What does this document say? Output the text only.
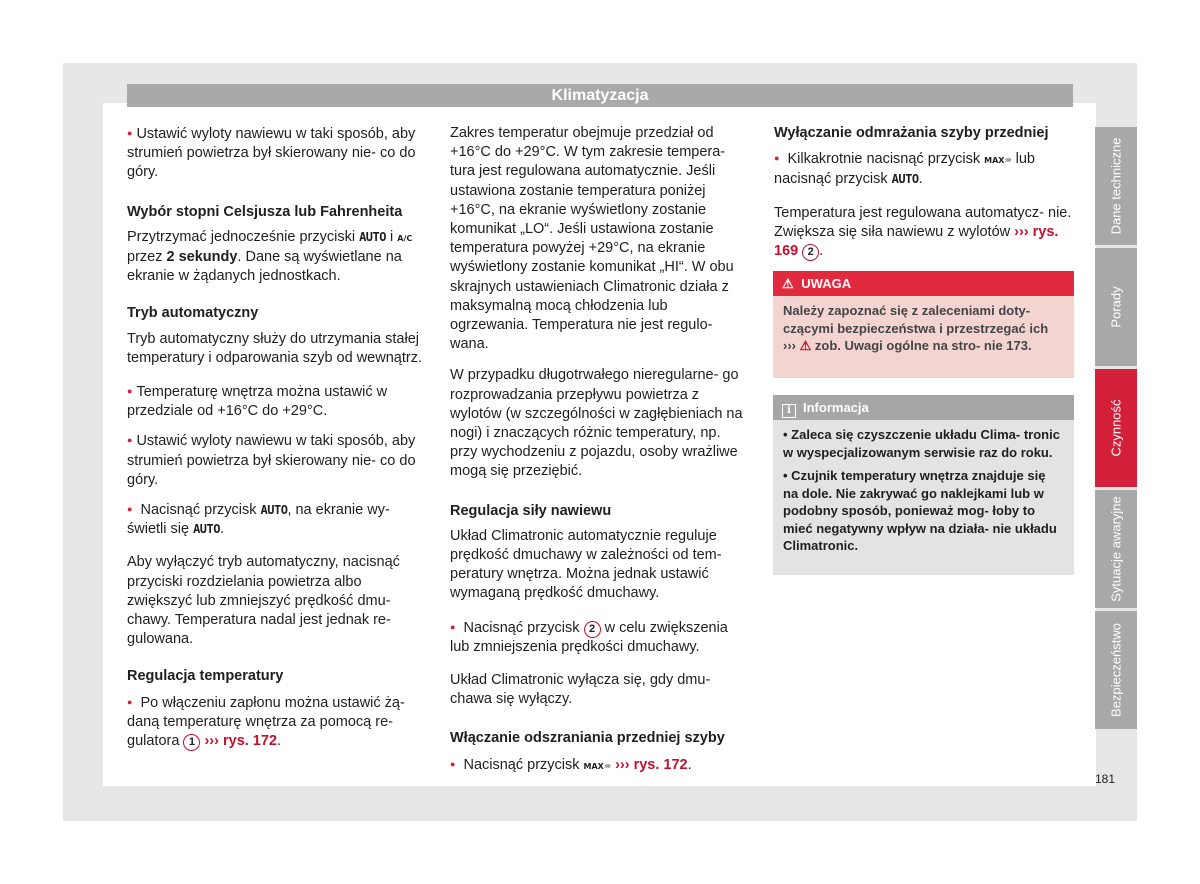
Klimatyzacja

● Ustawić wyloty nawiewu w taki sposób, aby strumień powietrza był skierowany nie- co do góry.

Wybór stopni Celsjusza lub Fahrenheita

Przytrzymać jednocześnie przyciski AUTO i A/C przez 2 sekundy. Dane są wyświetlane na ekranie w żądanych jednostkach.

Tryb automatyczny

Tryb automatyczny służy do utrzymania stałej temperatury i odparowania szyb od wewnątrz.

● Temperaturę wnętrza można ustawić w przedziale od +16°C do +29°C.

● Ustawić wyloty nawiewu w taki sposób, aby strumień powietrza był skierowany nie- co do góry.

● Nacisnąć przycisk AUTO, na ekranie wy- świetli się AUTO.

Aby wyłączyć tryb automatyczny, nacisnąć przyciski rozdzielania powietrza albo zwiększyć lub zmniejszyć prędkość dmu- chawy. Temperatura nadal jest jednak re- gulowana.

Regulacja temperatury

● Po włączeniu zapłonu można ustawić żą- daną temperaturę wnętrza za pomocą re- gulatora 1 ››› rys. 172.

Zakres temperatur obejmuje przedział od +16°C do +29°C. W tym zakresie tempera- tura jest regulowana automatycznie. Jeśli ustawiona zostanie temperatura poniżej +16°C, na ekranie wyświetlony zostanie komunikat „LO“. Jeśli ustawiona zostanie temperatura powyżej +29°C, na ekranie wyświetlony zostanie komunikat „HI“. W obu skrajnych ustawieniach Climatronic działa z maksymalną mocą chłodzenia lub ogrzewania. Temperatura nie jest regulo- wana.

W przypadku długotrwałego nieregularne- go rozprowadzania przepływu powietrza z wylotów (w szczególności w zagłębieniach na nogi) i znaczących różnic temperatury, np. przy wychodzeniu z pojazdu, osoby wrażliwe mogą się przeziębić.

Regulacja siły nawiewu

Układ Climatronic automatycznie reguluje prędkość dmuchawy w zależności od tem- peratury wnętrza. Można jednak ustawić wymaganą prędkość dmuchawy.

● Nacisnąć przycisk 2 w celu zwiększenia lub zmniejszenia prędkości dmuchawy.

Układ Climatronic wyłącza się, gdy dmu- chawa się wyłączy.

Włączanie odszraniania przedniej szyby

● Nacisnąć przycisk MAX♒ ››› rys. 172.

Wyłączanie odmrażania szyby przedniej

● Kilkakrotnie nacisnąć przycisk MAX♒ lub nacisnąć przycisk AUTO.

Temperatura jest regulowana automatycz- nie. Zwiększa się siła nawiewu z wylotów ››› rys. 169 2 .

⚠ UWAGA
Należy zapoznać się z zaleceniami doty- czącymi bezpieczeństwa i przestrzegać ich ››› ⚠ zob. Uwagi ogólne na stro- nie 173.
i Informacja

• Zaleca się czyszczenie układu Clima- tronic w wyspecjalizowanym serwisie raz do roku.

• Czujnik temperatury wnętrza znajduje się na dole. Nie zakrywać go naklejkami lub w podobny sposób, ponieważ mog- łoby to mieć negatywny wpływ na działa- nie układu Climatronic.

Dane techniczne
Porady
Czynność
Sytuacje awaryjne
Bezpieczeństwo
181
